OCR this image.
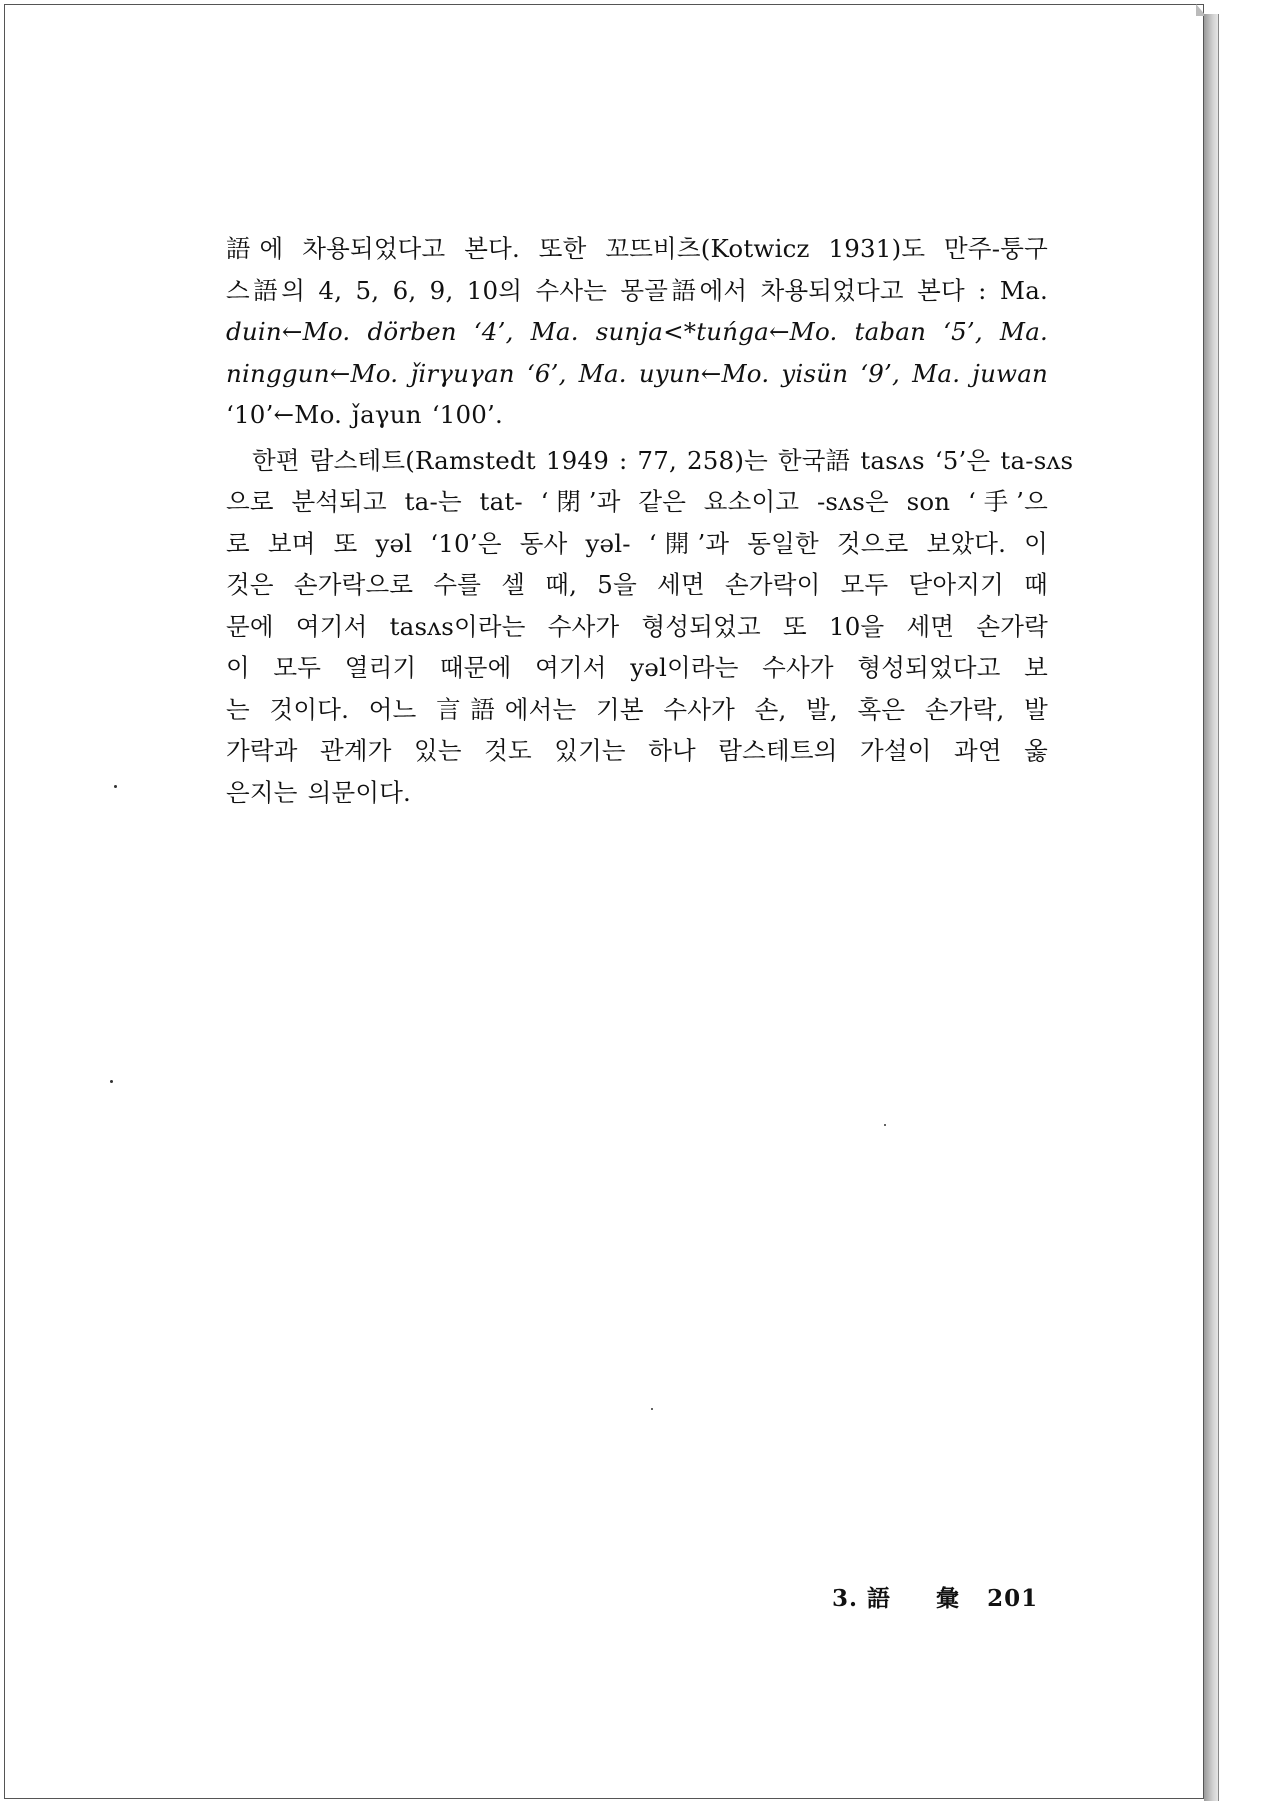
語에 차용되었다고 본다. 또한 꼬뜨비츠(Kotwicz 1931)도 만주-퉁구
스語의 4, 5, 6, 9, 10의 수사는 몽골語에서 차용되었다고 본다 : Ma.
duin←Mo. dörben ‘4’, Ma. sunja<*tuńga←Mo. taban ‘5’, Ma.
ninggun←Mo. ǰirγuγan ‘6’, Ma. uyun←Mo. yisün ‘9’, Ma. juwan
‘10’←Mo. ǰaγun ‘100’.
한편 람스테트(Ramstedt 1949 : 77, 258)는 한국語 tasʌs ‘5’은 ta-sʌs
으로 분석되고 ta-는 tat- ‘閉’과 같은 요소이고 -sʌs은 son ‘手’으
로 보며 또 yəl ‘10’은 동사 yəl- ‘開’과 동일한 것으로 보았다. 이
것은 손가락으로 수를 셀 때, 5을 세면 손가락이 모두 닫아지기 때
문에 여기서 tasʌs이라는 수사가 형성되었고 또 10을 세면 손가락
이 모두 열리기 때문에 여기서 yəl이라는 수사가 형성되었다고 보
는 것이다. 어느 言語에서는 기본 수사가 손, 발, 혹은 손가락, 발
가락과 관계가 있는 것도 있기는 하나 람스테트의 가설이 과연 옳
은지는 의문이다.
3. 語 彙 201
